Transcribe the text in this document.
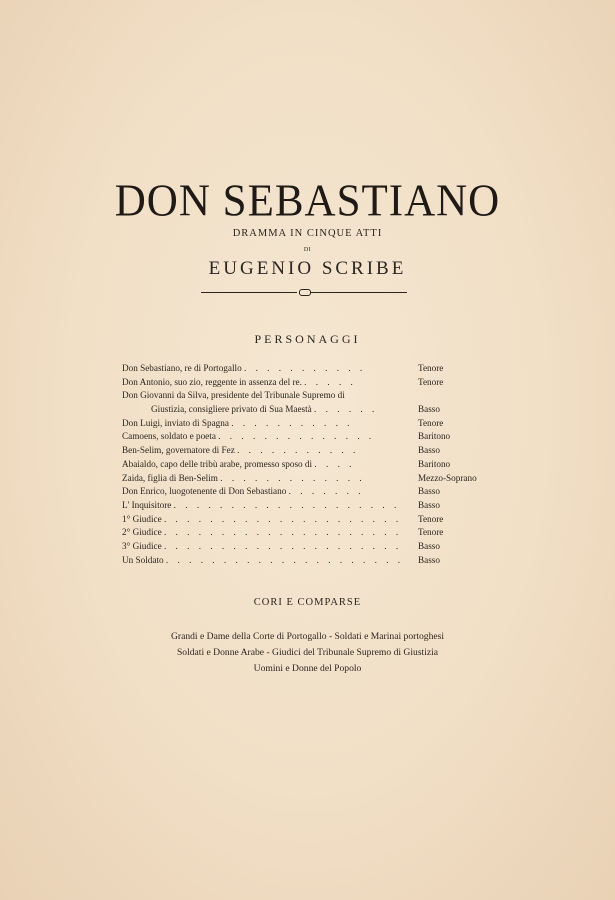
DON SEBASTIANO
DRAMMA IN CINQUE ATTI
DI
EUGENIO SCRIBE
PERSONAGGI
Don Sebastiano, re di Portogallo . . . . . . . . . . .	Tenore
Don Antonio, suo zio, reggente in assenza del re. . . . . .	Tenore
Don Giovanni da Silva, presidente del Tribunale Supremo di
Giustizia, consigliere privato di Sua Maestà . . . . . .	Basso
Don Luigi, inviato di Spagna . . . . . . . . . . .	Tenore
Camoens, soldato e poeta . . . . . . . . . . . . . .	Baritono
Ben-Selim, governatore di Fez . . . . . . . . . . .	Basso
Abaialdo, capo delle tribù arabe, promesso sposo di . . . .	Baritono
Zaida, figlia di Ben-Selim . . . . . . . . . . . . .	Mezzo-Soprano
Don Enrico, luogotenente di Don Sebastiano . . . . . . .	Basso
L' Inquisitore . . . . . . . . . . . . . . . . . . . .	Basso
1° Giudice . . . . . . . . . . . . . . . . . . . . .	Tenore
2° Giudice . . . . . . . . . . . . . . . . . . . . .	Tenore
3° Giudice . . . . . . . . . . . . . . . . . . . . .	Basso
Un Soldato . . . . . . . . . . . . . . . . . . . . .	Basso
CORI E COMPARSE
Grandi e Dame della Corte di Portogallo - Soldati e Marinai portoghesi
Soldati e Donne Arabe - Giudici del Tribunale Supremo di Giustizia
Uomini e Donne del Popolo
